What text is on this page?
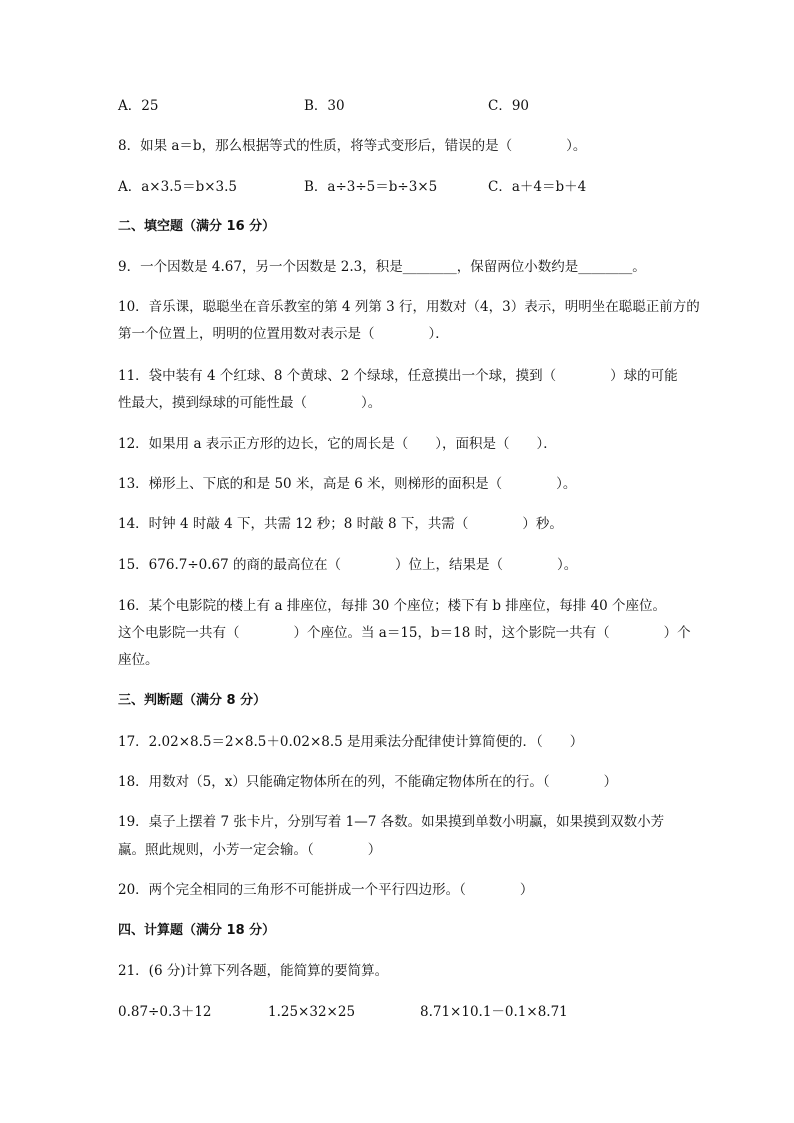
A．25	B．30	C．90
8．如果 a＝b，那么根据等式的性质，将等式变形后，错误的是（　　　　）。
A．a×3.5＝b×3.5	B．a÷3÷5＝b÷3×5	C．a＋4＝b＋4
二、填空题（满分 16 分）
9．一个因数是 4.67，另一个因数是 2.3，积是________，保留两位小数约是________。
10．音乐课，聪聪坐在音乐教室的第 4 列第 3 行，用数对（4，3）表示，明明坐在聪聪正前方的
第一个位置上，明明的位置用数对表示是（　　　　）．
11．袋中装有 4 个红球、8 个黄球、2 个绿球，任意摸出一个球，摸到（　　　　）球的可能
性最大，摸到绿球的可能性最（　　　　）。
12．如果用 a 表示正方形的边长，它的周长是（　　），面积是（　　）．
13．梯形上、下底的和是 50 米，高是 6 米，则梯形的面积是（　　　　）。
14．时钟 4 时敲 4 下，共需 12 秒；8 时敲 8 下，共需（　　　　）秒。
15．676.7÷0.67 的商的最高位在（　　　　）位上，结果是（　　　　）。
16．某个电影院的楼上有 a 排座位，每排 30 个座位；楼下有 b 排座位，每排 40 个座位。
这个电影院一共有（　　　　）个座位。当 a＝15，b＝18 时，这个影院一共有（　　　　）个
座位。
三、判断题（满分 8 分）
17．2.02×8.5＝2×8.5＋0.02×8.5 是用乘法分配律使计算简便的．（　　）
18．用数对（5，x）只能确定物体所在的列，不能确定物体所在的行。（　　　　）
19．桌子上摆着 7 张卡片，分别写着 1—7 各数。如果摸到单数小明赢，如果摸到双数小芳
赢。照此规则，小芳一定会输。（　　　　）
20．两个完全相同的三角形不可能拼成一个平行四边形。（　　　　）
四、计算题（满分 18 分）
21．(6 分)计算下列各题，能简算的要简算。
0.87÷0.3＋12	1.25×32×25	8.71×10.1－0.1×8.71
